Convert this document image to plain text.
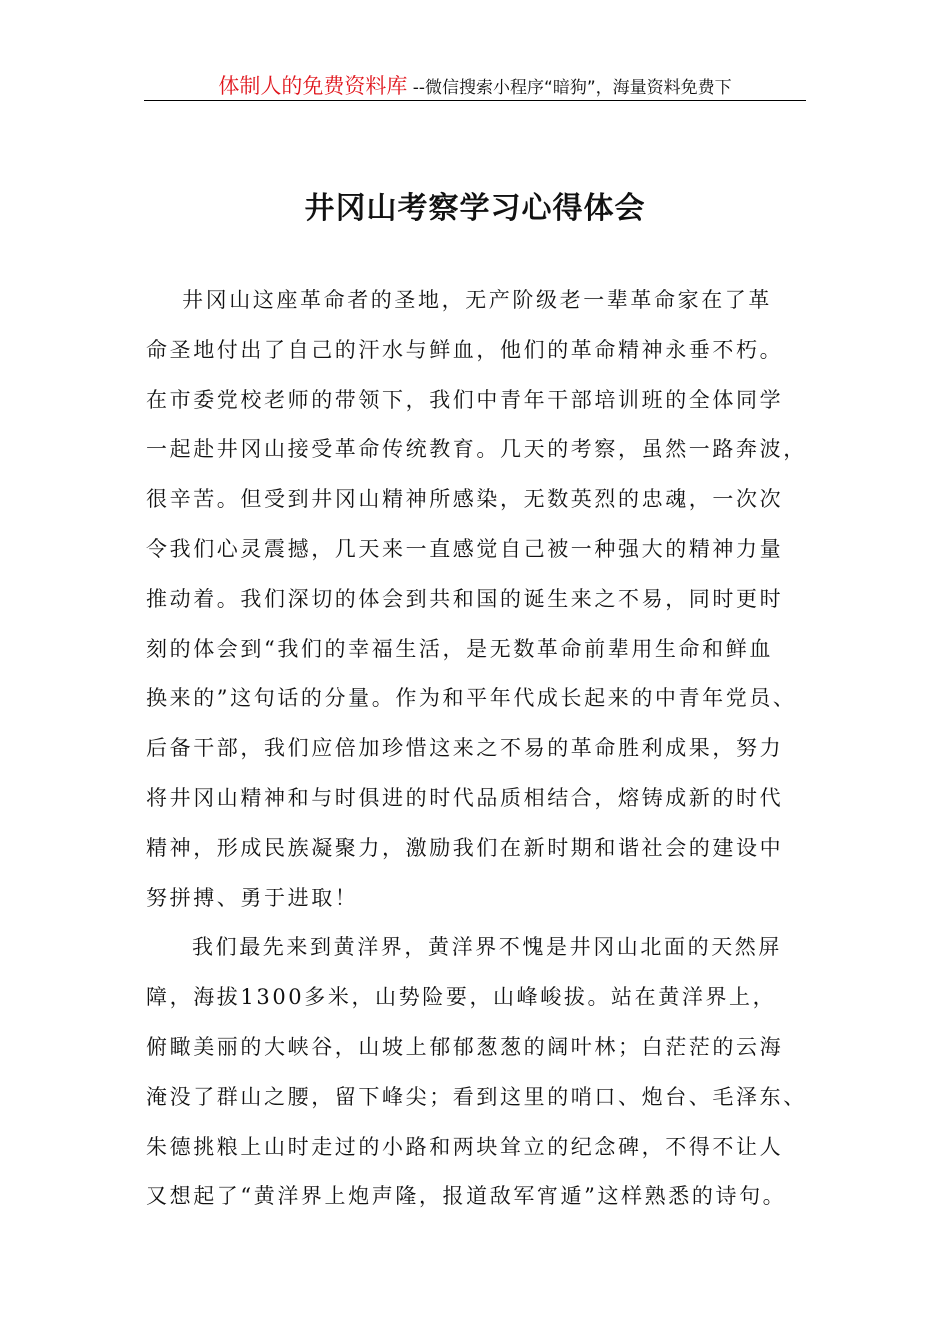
体制人的免费资料库 --微信搜索小程序“暗狗”，海量资料免费下
井冈山考察学习心得体会
井冈山这座革命者的圣地，无产阶级老一辈革命家在了革
命圣地付出了自己的汗水与鲜血，他们的革命精神永垂不朽。
在市委党校老师的带领下，我们中青年干部培训班的全体同学
一起赴井冈山接受革命传统教育。几天的考察，虽然一路奔波，
很辛苦。但受到井冈山精神所感染，无数英烈的忠魂，一次次
令我们心灵震撼，几天来一直感觉自己被一种强大的精神力量
推动着。我们深切的体会到共和国的诞生来之不易，同时更时
刻的体会到“我们的幸福生活，是无数革命前辈用生命和鲜血
换来的”这句话的分量。作为和平年代成长起来的中青年党员、
后备干部，我们应倍加珍惜这来之不易的革命胜利成果，努力
将井冈山精神和与时俱进的时代品质相结合，熔铸成新的时代
精神，形成民族凝聚力，激励我们在新时期和谐社会的建设中
努拼搏、勇于进取！
我们最先来到黄洋界，黄洋界不愧是井冈山北面的天然屏
障，海拔1300多米，山势险要，山峰峻拔。站在黄洋界上，
俯瞰美丽的大峡谷，山坡上郁郁葱葱的阔叶林；白茫茫的云海
淹没了群山之腰，留下峰尖；看到这里的哨口、炮台、毛泽东、
朱德挑粮上山时走过的小路和两块耸立的纪念碑，不得不让人
又想起了“黄洋界上炮声隆，报道敌军宵遁”这样熟悉的诗句。
